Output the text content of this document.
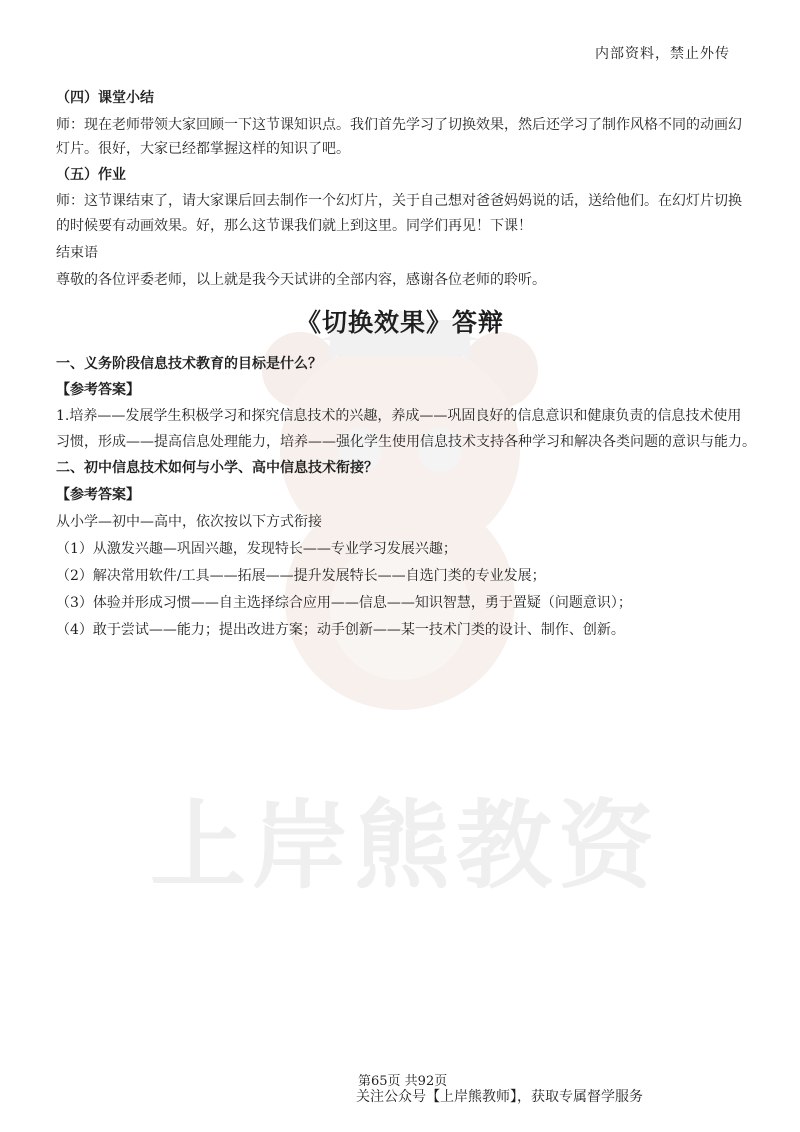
上岸熊教资
内部资料，禁止外传
（四）课堂小结
师：现在老师带领大家回顾一下这节课知识点。我们首先学习了切换效果，然后还学习了制作风格不同的动画幻
灯片。很好，大家已经都掌握这样的知识了吧。
（五）作业
师：这节课结束了，请大家课后回去制作一个幻灯片，关于自己想对爸爸妈妈说的话，送给他们。在幻灯片切换
的时候要有动画效果。好，那么这节课我们就上到这里。同学们再见！下课！
结束语
尊敬的各位评委老师，以上就是我今天试讲的全部内容，感谢各位老师的聆听。
《切换效果》答辩
一、义务阶段信息技术教育的目标是什么？
【参考答案】
1.培养——发展学生积极学习和探究信息技术的兴趣，养成——巩固良好的信息意识和健康负责的信息技术使用
习惯，形成——提高信息处理能力，培养——强化学生使用信息技术支持各种学习和解决各类问题的意识与能力。
二、初中信息技术如何与小学、高中信息技术衔接？
【参考答案】
从小学—初中—高中，依次按以下方式衔接
（1）从激发兴趣—巩固兴趣，发现特长——专业学习发展兴趣；
（2）解决常用软件/工具——拓展——提升发展特长——自选门类的专业发展；
（3）体验并形成习惯——自主选择综合应用——信息——知识智慧，勇于置疑（问题意识）；
（4）敢于尝试——能力；提出改进方案；动手创新——某一技术门类的设计、制作、创新。
第65页 共92页
关注公众号【上岸熊教师】，获取专属督学服务
